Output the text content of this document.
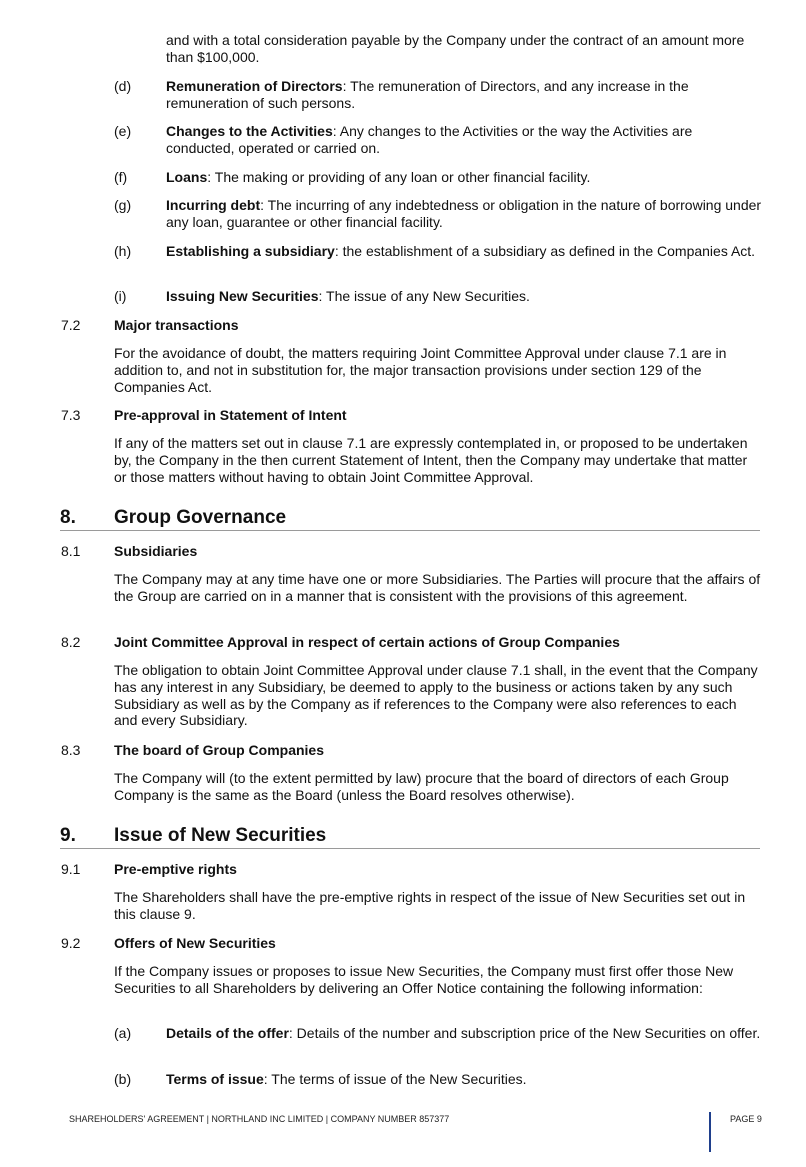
and with a total consideration payable by the Company under the contract of an amount more than $100,000.
(d) Remuneration of Directors: The remuneration of Directors, and any increase in the remuneration of such persons.
(e) Changes to the Activities: Any changes to the Activities or the way the Activities are conducted, operated or carried on.
(f)	Loans: The making or providing of any loan or other financial facility.
(g) Incurring debt: The incurring of any indebtedness or obligation in the nature of borrowing under any loan, guarantee or other financial facility.
(h) Establishing a subsidiary: the establishment of a subsidiary as defined in the Companies Act.
(i)	Issuing New Securities: The issue of any New Securities.
7.2 Major transactions
For the avoidance of doubt, the matters requiring Joint Committee Approval under clause 7.1 are in addition to, and not in substitution for, the major transaction provisions under section 129 of the Companies Act.
7.3 Pre-approval in Statement of Intent
If any of the matters set out in clause 7.1 are expressly contemplated in, or proposed to be undertaken by, the Company in the then current Statement of Intent, then the Company may undertake that matter or those matters without having to obtain Joint Committee Approval.
8. Group Governance
8.1 Subsidiaries
The Company may at any time have one or more Subsidiaries. The Parties will procure that the affairs of the Group are carried on in a manner that is consistent with the provisions of this agreement.
8.2 Joint Committee Approval in respect of certain actions of Group Companies
The obligation to obtain Joint Committee Approval under clause 7.1 shall, in the event that the Company has any interest in any Subsidiary, be deemed to apply to the business or actions taken by any such Subsidiary as well as by the Company as if references to the Company were also references to each and every Subsidiary.
8.3 The board of Group Companies
The Company will (to the extent permitted by law) procure that the board of directors of each Group Company is the same as the Board (unless the Board resolves otherwise).
9. Issue of New Securities
9.1 Pre-emptive rights
The Shareholders shall have the pre-emptive rights in respect of the issue of New Securities set out in this clause 9.
9.2 Offers of New Securities
If the Company issues or proposes to issue New Securities, the Company must first offer those New Securities to all Shareholders by delivering an Offer Notice containing the following information:
(a) Details of the offer: Details of the number and subscription price of the New Securities on offer.
(b) Terms of issue: The terms of issue of the New Securities.
SHAREHOLDERS' AGREEMENT | NORTHLAND INC LIMITED | COMPANY NUMBER 857377	PAGE 9
